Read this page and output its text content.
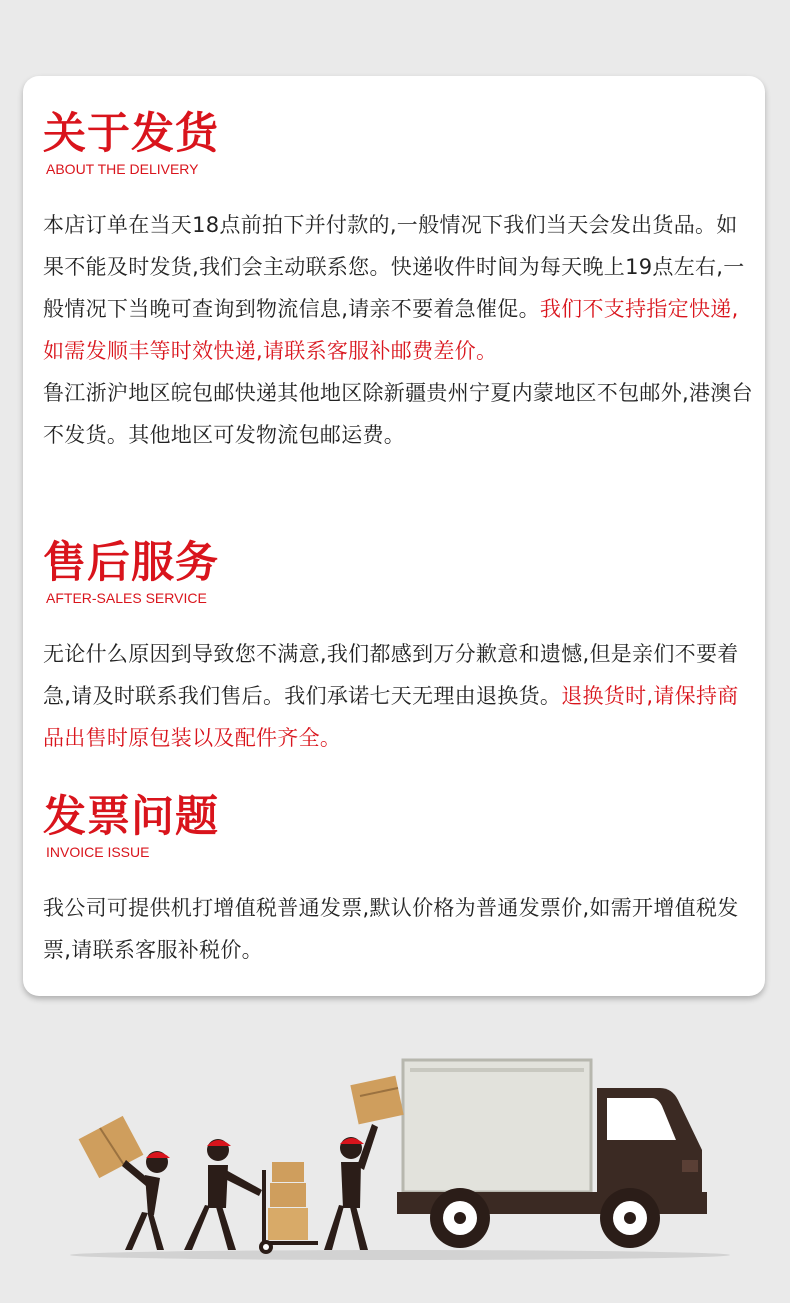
关于发货
ABOUT THE DELIVERY

本店订单在当天18点前拍下并付款的,一般情况下我们当天会发出货品。如果不能及时发货,我们会主动联系您。快递收件时间为每天晚上19点左右,一般情况下当晚可查询到物流信息,请亲不要着急催促。我们不支持指定快递,如需发顺丰等时效快递,请联系客服补邮费差价。
鲁江浙沪地区皖包邮快递其他地区除新疆贵州宁夏内蒙地区不包邮外,港澳台不发货。其他地区可发物流包邮运费。

售后服务
AFTER-SALES SERVICE

无论什么原因到导致您不满意,我们都感到万分歉意和遗憾,但是亲们不要着急,请及时联系我们售后。我们承诺七天无理由退换货。退换货时,请保持商品出售时原包装以及配件齐全。

发票问题
INVOICE ISSUE

我公司可提供机打增值税普通发票,默认价格为普通发票价,如需开增值税发票,请联系客服补税价。
